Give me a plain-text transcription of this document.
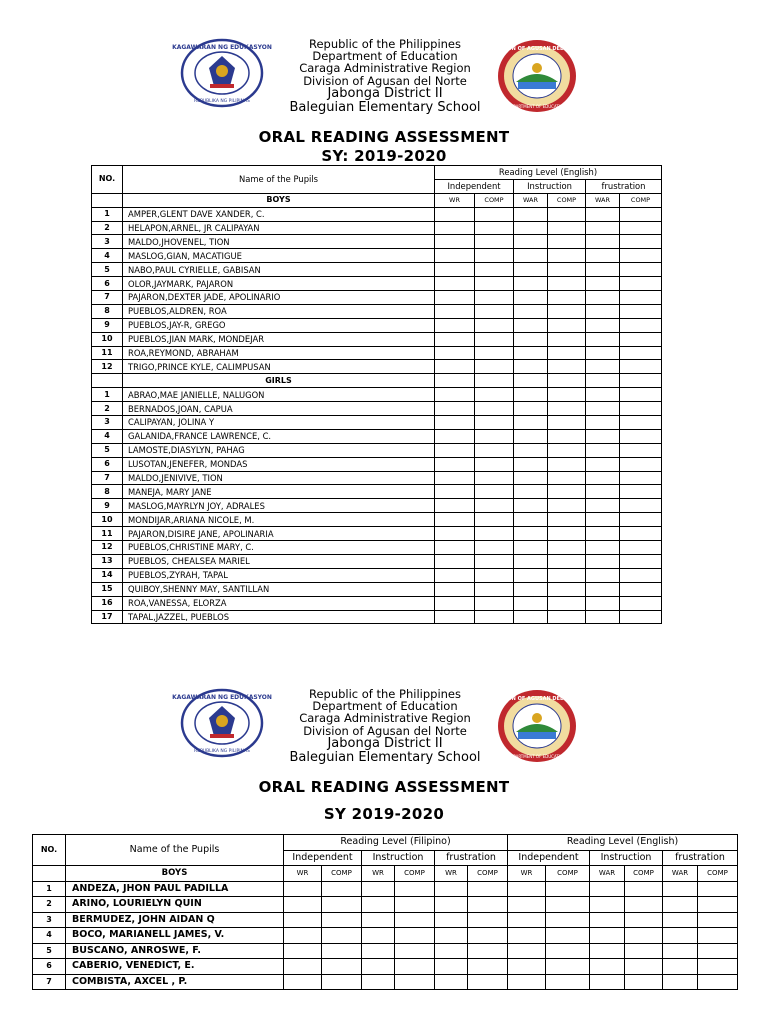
KAGAWARAN NG EDUKASYON
REPUBLIKA NG PILIPINAS
Republic of the Philippines
Department of Education
Caraga Administrative Region
Division of Agusan del Norte
Jabonga District II
Baleguian Elementary School
DIVISION OF AGUSAN DEL NORTE
DEPARTMENT OF EDUCATION
ORAL READING ASSESSMENT
SY: 2019-2020
NO.	Name of the Pupils	Reading Level (English)					
		Independent		Instruction		frustration	
	BOYS	WR	COMP	WAR	COMP	WAR	COMP
1	AMPER,GLENT DAVE XANDER, C.						
2	HELAPON,ARNEL, JR CALIPAYAN						
3	MALDO,JHOVENEL, TION						
4	MASLOG,GIAN, MACATIGUE						
5	NABO,PAUL CYRIELLE, GABISAN						
6	OLOR,JAYMARK, PAJARON						
7	PAJARON,DEXTER JADE, APOLINARIO						
8	PUEBLOS,ALDREN, ROA						
9	PUEBLOS,JAY-R, GREGO						
10	PUEBLOS,JIAN MARK, MONDEJAR						
11	ROA,REYMOND, ABRAHAM						
12	TRIGO,PRINCE KYLE, CALIMPUSAN						
	GIRLS						
1	ABRAO,MAE JANIELLE, NALUGON						
2	BERNADOS,JOAN, CAPUA						
3	CALIPAYAN, JOLINA Y						
4	GALANIDA,FRANCE LAWRENCE, C.						
5	LAMOSTE,DIASYLYN, PAHAG						
6	LUSOTAN,JENEFER, MONDAS						
7	MALDO,JENIVIVE, TION						
8	MANEJA, MARY JANE						
9	MASLOG,MAYRLYN JOY, ADRALES						
10	MONDIJAR,ARIANA NICOLE, M.						
11	PAJARON,DISIRE JANE, APOLINARIA						
12	PUEBLOS,CHRISTINE MARY, C.						
13	PUEBLOS, CHEALSEA MARIEL						
14	PUEBLOS,ZYRAH, TAPAL						
15	QUIBOY,SHENNY MAY, SANTILLAN						
16	ROA,VANESSA, ELORZA						
17	TAPAL,JAZZEL, PUEBLOS						
KAGAWARAN NG EDUKASYON
REPUBLIKA NG PILIPINAS
Republic of the Philippines
Department of Education
Caraga Administrative Region
Division of Agusan del Norte
Jabonga District II
Baleguian Elementary School
DIVISION OF AGUSAN DEL NORTE
DEPARTMENT OF EDUCATION
ORAL READING ASSESSMENT
SY 2019-2020
NO.	Name of the Pupils	Reading Level (Filipino)						Reading Level (English)					
		Independent		Instruction		frustration		Independent		Instruction		frustration	
	BOYS	WR	COMP	WR	COMP	WR	COMP	WR	COMP	WAR	COMP	WAR	COMP
1	ANDEZA, JHON PAUL PADILLA												
2	ARINO, LOURIELYN QUIN												
3	BERMUDEZ, JOHN AIDAN Q												
4	BOCO, MARIANELL JAMES, V.												
5	BUSCANO, ANROSWE, F.												
6	CABERIO, VENEDICT, E.												
7	COMBISTA, AXCEL , P.												
